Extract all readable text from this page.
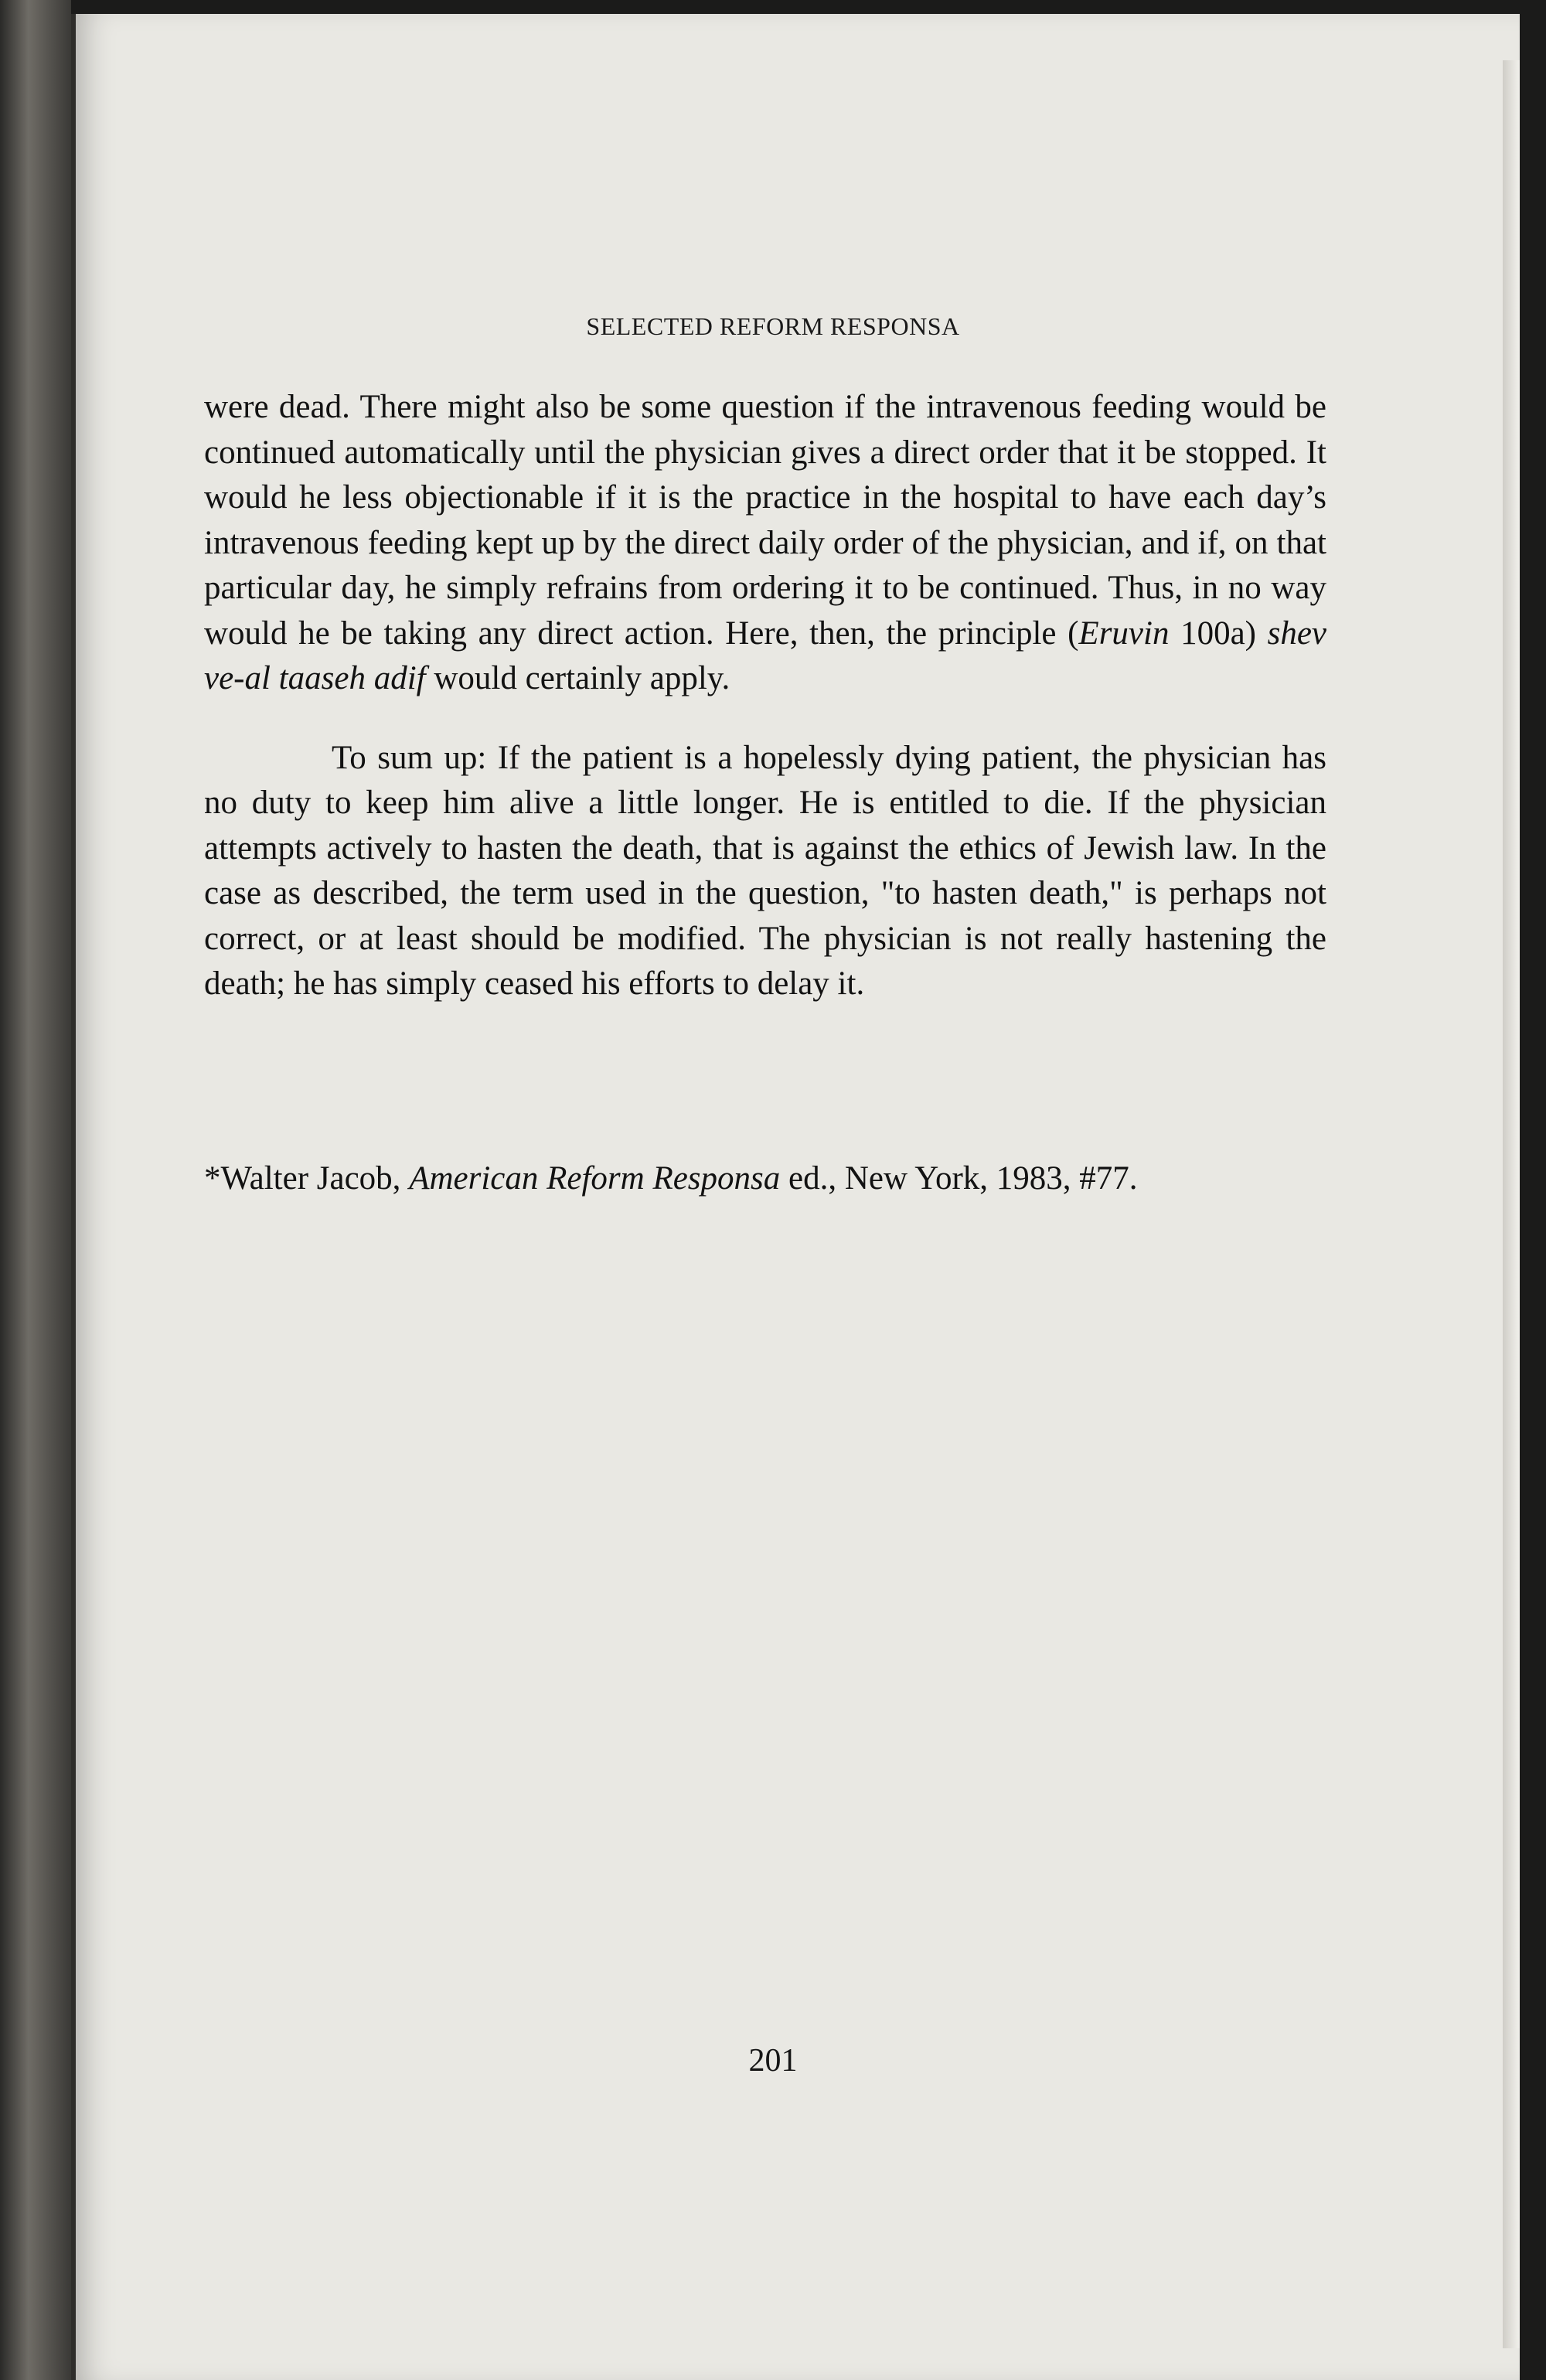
SELECTED REFORM RESPONSA

were dead. There might also be some question if the intravenous feeding would be continued automatically until the physician gives a direct order that it be stopped. It would he less objectionable if it is the practice in the hospital to have each day’s intravenous feeding kept up by the direct daily order of the physician, and if, on that particular day, he simply refrains from ordering it to be continued. Thus, in no way would he be taking any direct action. Here, then, the principle (Eruvin 100a) shev ve-al taaseh adif would certainly apply.

To sum up: If the patient is a hopelessly dying patient, the physician has no duty to keep him alive a little longer. He is entitled to die. If the physician attempts actively to hasten the death, that is against the ethics of Jewish law. In the case as described, the term used in the question, "to hasten death," is perhaps not correct, or at least should be modified. The physician is not really hastening the death; he has simply ceased his efforts to delay it.

*Walter Jacob, American Reform Responsa ed., New York, 1983, #77.
201
